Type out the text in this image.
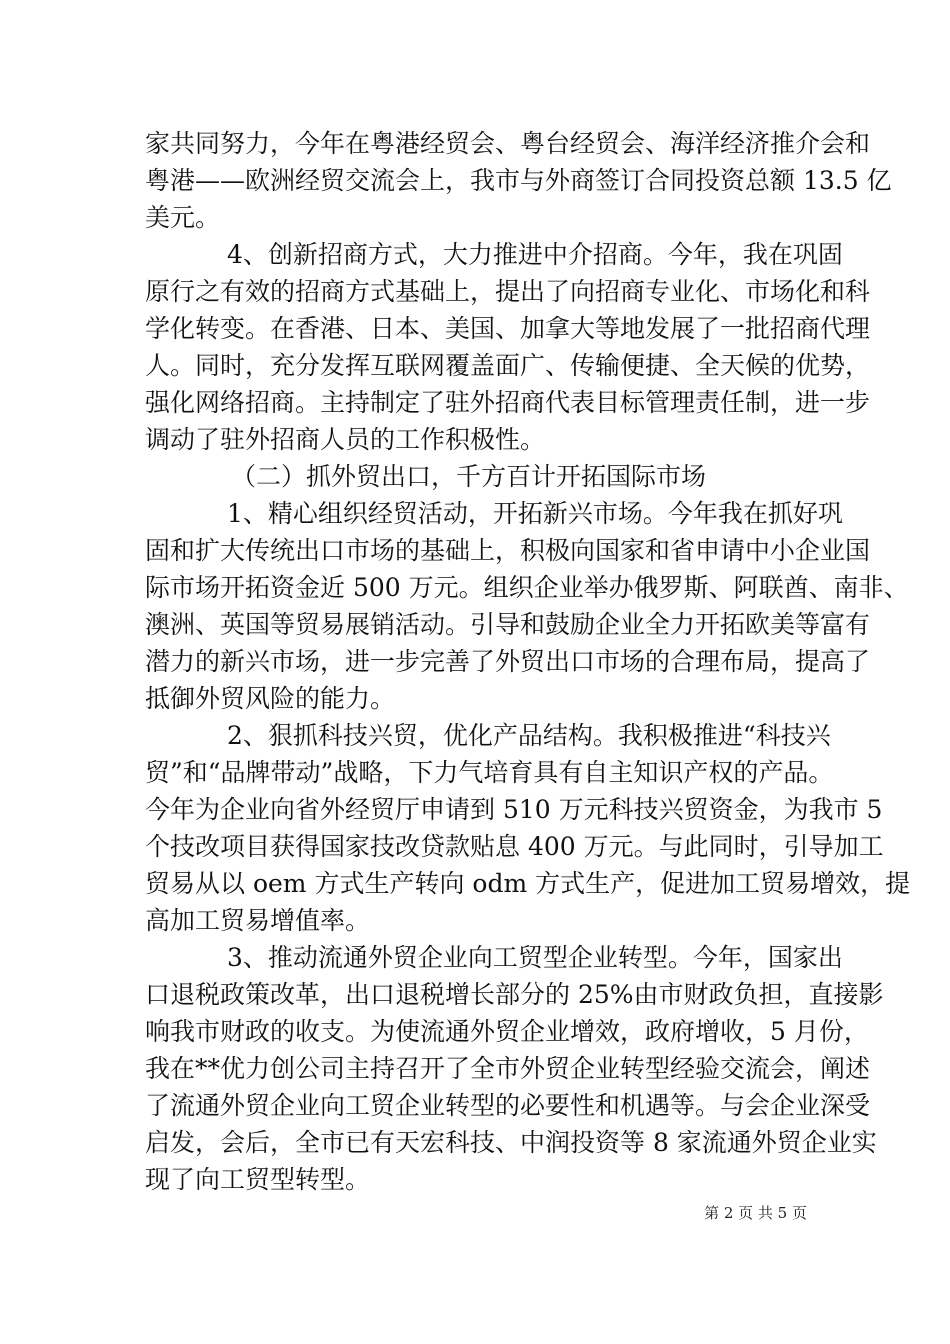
家共同努力，今年在粤港经贸会、粤台经贸会、海洋经济推介会和
粤港——欧洲经贸交流会上，我市与外商签订合同投资总额 13.5 亿
美元。
4、创新招商方式，大力推进中介招商。今年，我在巩固
原行之有效的招商方式基础上，提出了向招商专业化、市场化和科
学化转变。在香港、日本、美国、加拿大等地发展了一批招商代理
人。同时，充分发挥互联网覆盖面广、传输便捷、全天候的优势，
强化网络招商。主持制定了驻外招商代表目标管理责任制，进一步
调动了驻外招商人员的工作积极性。
（二）抓外贸出口，千方百计开拓国际市场
1、精心组织经贸活动，开拓新兴市场。今年我在抓好巩
固和扩大传统出口市场的基础上，积极向国家和省申请中小企业国
际市场开拓资金近 500 万元。组织企业举办俄罗斯、阿联酋、南非、
澳洲、英国等贸易展销活动。引导和鼓励企业全力开拓欧美等富有
潜力的新兴市场，进一步完善了外贸出口市场的合理布局，提高了
抵御外贸风险的能力。
2、狠抓科技兴贸，优化产品结构。我积极推进“科技兴
贸”和“品牌带动”战略，下力气培育具有自主知识产权的产品。
今年为企业向省外经贸厅申请到 510 万元科技兴贸资金，为我市 5
个技改项目获得国家技改贷款贴息 400 万元。与此同时，引导加工
贸易从以 oem 方式生产转向 odm 方式生产，促进加工贸易增效，提
高加工贸易增值率。
3、推动流通外贸企业向工贸型企业转型。今年，国家出
口退税政策改革，出口退税增长部分的 25%由市财政负担，直接影
响我市财政的收支。为使流通外贸企业增效，政府增收，5 月份，
我在**优力创公司主持召开了全市外贸企业转型经验交流会，阐述
了流通外贸企业向工贸企业转型的必要性和机遇等。与会企业深受
启发，会后，全市已有天宏科技、中润投资等 8 家流通外贸企业实
现了向工贸型转型。
第 2 页 共 5 页
